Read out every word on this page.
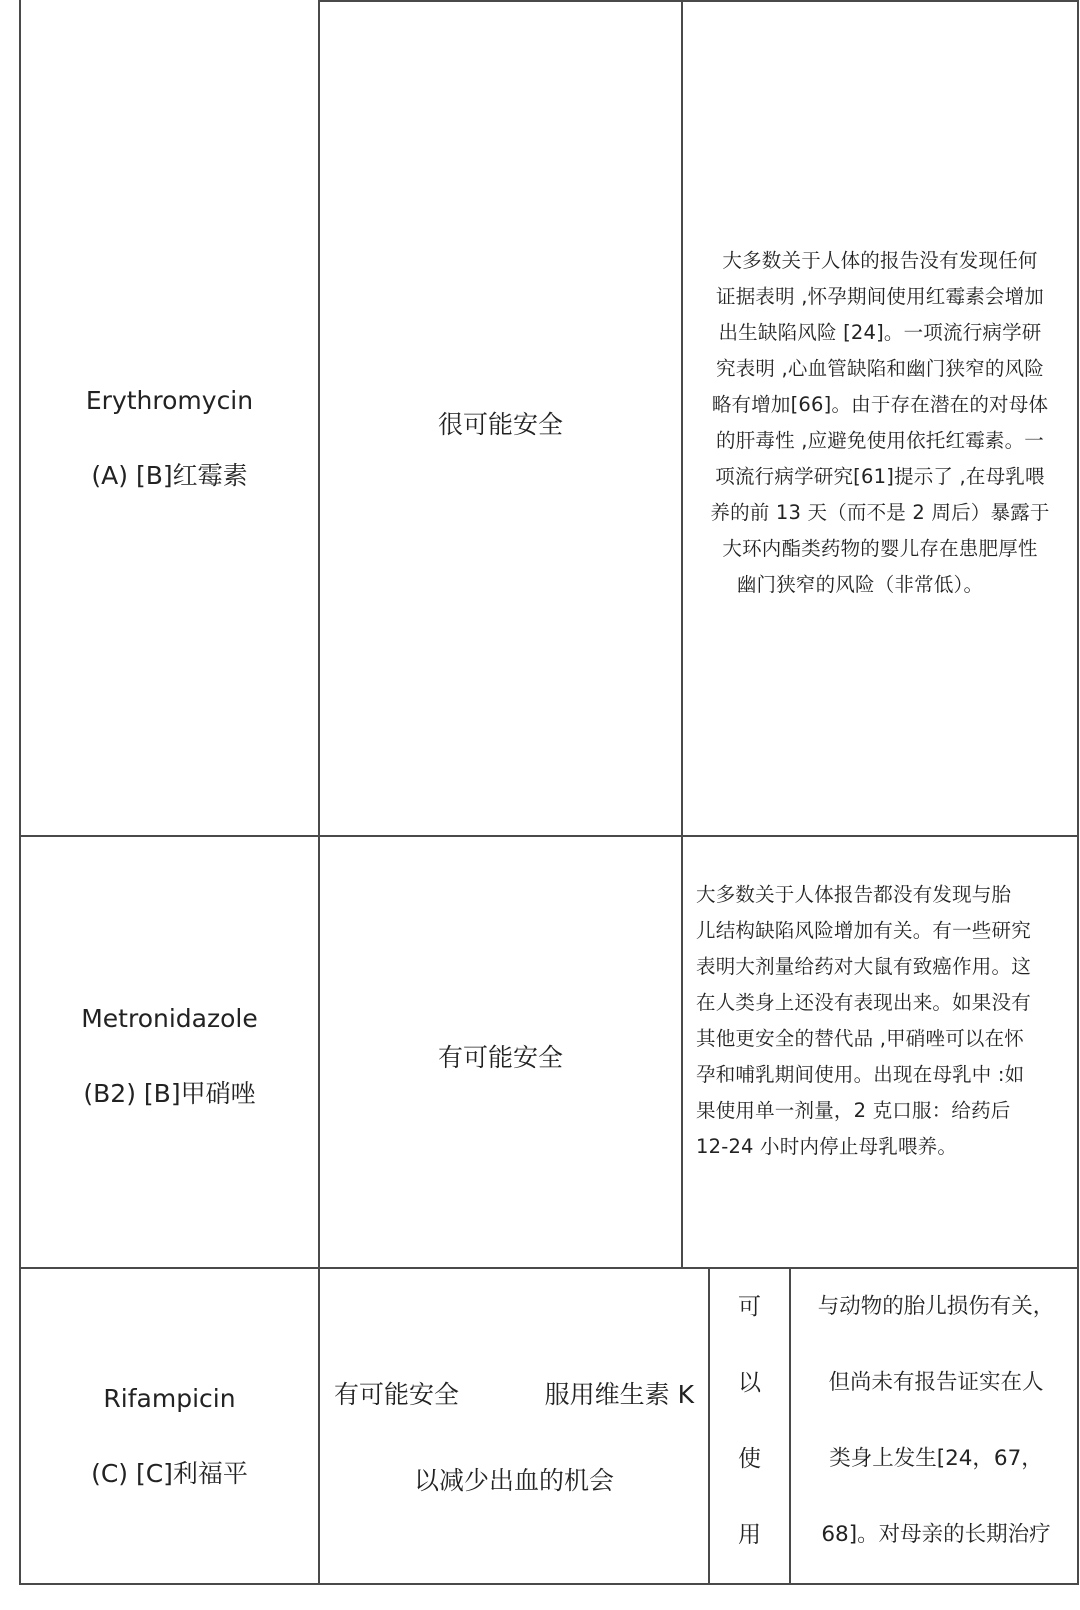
Erythromycin
(A) [B]红霉素
很可能安全
大多数关于人体的报告没有发现任何
证据表明 ,怀孕期间使用红霉素会增加
出生缺陷风险 [24]。一项流行病学研
究表明 ,心血管缺陷和幽门狭窄的风险
略有增加[66]。由于存在潜在的对母体
的肝毒性 ,应避免使用依托红霉素。一
项流行病学研究[61]提示了 ,在母乳喂
养的前 13 天（而不是 2 周后）暴露于
大环内酯类药物的婴儿存在患肥厚性
幽门狭窄的风险（非常低）。
Metronidazole
(B2) [B]甲硝唑
有可能安全
大多数关于人体报告都没有发现与胎
儿结构缺陷风险增加有关。有一些研究
表明大剂量给药对大鼠有致癌作用。这
在人类身上还没有表现出来。如果没有
其他更安全的替代品 ,甲硝唑可以在怀
孕和哺乳期间使用。出现在母乳中 :如
果使用单一剂量，2 克口服：给药后
12-24 小时内停止母乳喂养。
Rifampicin
(C) [C]利福平
有可能安全	服用维生素 K
以减少出血的机会
可
以
使
用
与动物的胎儿损伤有关，
但尚未有报告证实在人
类身上发生[24，67，
68]。对母亲的长期治疗
